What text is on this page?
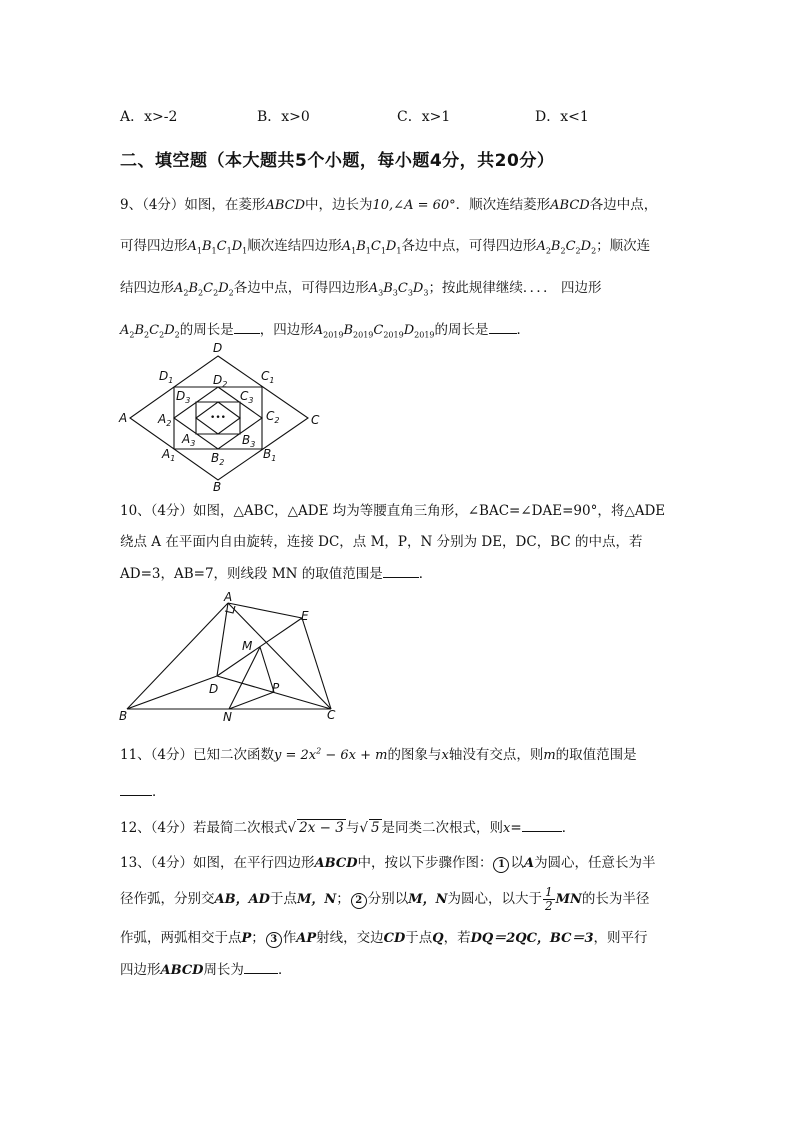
A．x>-2	B．x>0	C．x>1	D．x<1
二、填空题（本大题共5个小题，每小题4分，共20分）
9、（4分）如图，在菱形ABCD中，边长为10,∠A = 60°．顺次连结菱形ABCD各边中点，
可得四边形$A_1B_1C_1D_1$顺次连结四边形$A_1B_1C_1D_1$各边中点，可得四边形$A_2B_2C_2D_2$；顺次连
结四边形$A_2B_2C_2D_2$各边中点，可得四边形$A_3B_3C_3D_3$；按此规律继续．．．． 四边形
$A_2B_2C_2D_2$的周长是 ，四边形$A_{2019}B_{2019}C_{2019}D_{2019}$的周长是 ．
D
$D_1$	$C_1$
$D_2$
$D_3$	$C_3$
A	$A_2$
$C_2$	C
$A_3$	$B_3$
$A_1$	$B_2$
$B_1$
B
•••
10、（4分）如图，△ABC，△ADE 均为等腰直角三角形，∠BAC=∠DAE=90°，将△ADE
绕点 A 在平面内自由旋转，连接 DC，点 M，P，N 分别为 DE，DC，BC 的中点，若
AD=3，AB=7，则线段 MN 的取值范围是	．
A
E
M
D	P
B	N	C
11、（4分）已知二次函数$y = 2x^2 - 6x + m$的图象与x轴没有交点，则m的取值范围是
．
12、（4分）若最简二次根式√ 2x − 3 与√ 5 是同类二次根式，则x=	．
13、（4分）如图，在平行四边形ABCD中，按以下步骤作图： 1 以A为圆心，任意长为半
径作弧，分别交AB，AD于点M，N； 2 分别以M，N为圆心，以大于 $\frac{1}{2}$ MN的长为半径
作弧，两弧相交于点P； 3 作AP射线，交边CD于点Q，若DQ＝2QC，BC＝3，则平行
四边形ABCD周长为	．
